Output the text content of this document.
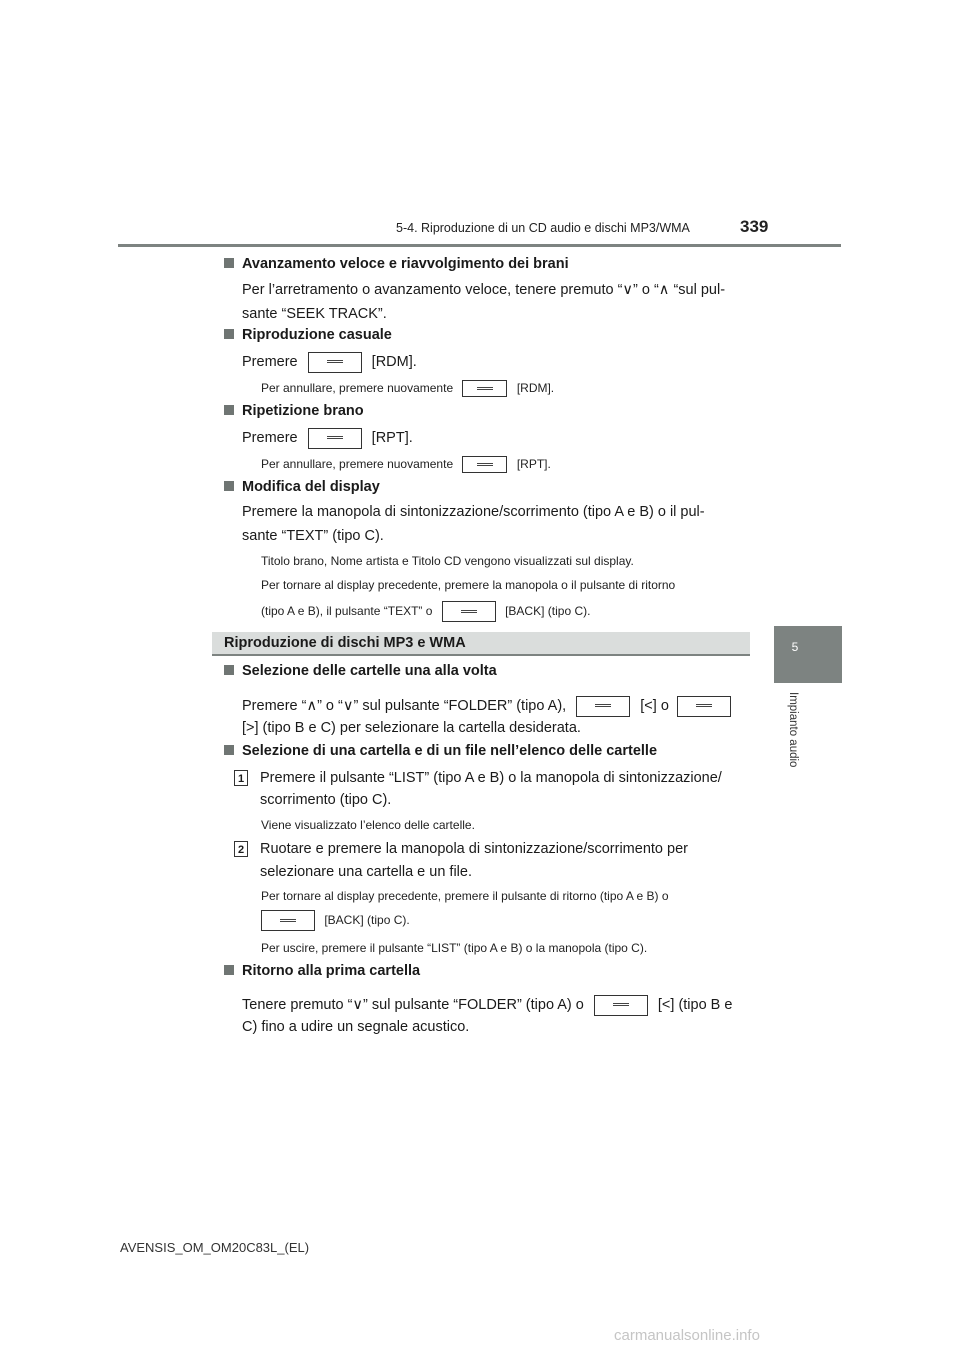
5-4. Riproduzione di un CD audio e dischi MP3/WMA	339
5
Impianto audio
Avanzamento veloce e riavvolgimento dei brani
Per l’arretramento o avanzamento veloce, tenere premuto “∨” o “∧ “sul pul-
sante “SEEK TRACK”.
Riproduzione casuale
Premere	[RDM].
Per annullare, premere nuovamente	[RDM].
Ripetizione brano
Premere	[RPT].
Per annullare, premere nuovamente	[RPT].
Modifica del display
Premere la manopola di sintonizzazione/scorrimento (tipo A e B) o il pul-
sante “TEXT” (tipo C).
Titolo brano, Nome artista e Titolo CD vengono visualizzati sul display.
Per tornare al display precedente, premere la manopola o il pulsante di ritorno
(tipo A e B), il pulsante “TEXT” o	[BACK] (tipo C).
Riproduzione di dischi MP3 e WMA
Selezione delle cartelle una alla volta
Premere “∧” o “∨” sul pulsante “FOLDER” (tipo A),	[<] o
[>] (tipo B e C) per selezionare la cartella desiderata.
Selezione di una cartella e di un file nell’elenco delle cartelle
1 Premere il pulsante “LIST” (tipo A e B) o la manopola di sintonizzazione/
scorrimento (tipo C).
Viene visualizzato l’elenco delle cartelle.
2 Ruotare e premere la manopola di sintonizzazione/scorrimento per
selezionare una cartella e un file.
Per tornare al display precedente, premere il pulsante di ritorno (tipo A e B) o
[BACK] (tipo C).
Per uscire, premere il pulsante “LIST” (tipo A e B) o la manopola (tipo C).
Ritorno alla prima cartella
Tenere premuto “∨” sul pulsante “FOLDER” (tipo A) o	[<] (tipo B e
C) fino a udire un segnale acustico.
AVENSIS_OM_OM20C83L_(EL)
carmanualsonline.info
